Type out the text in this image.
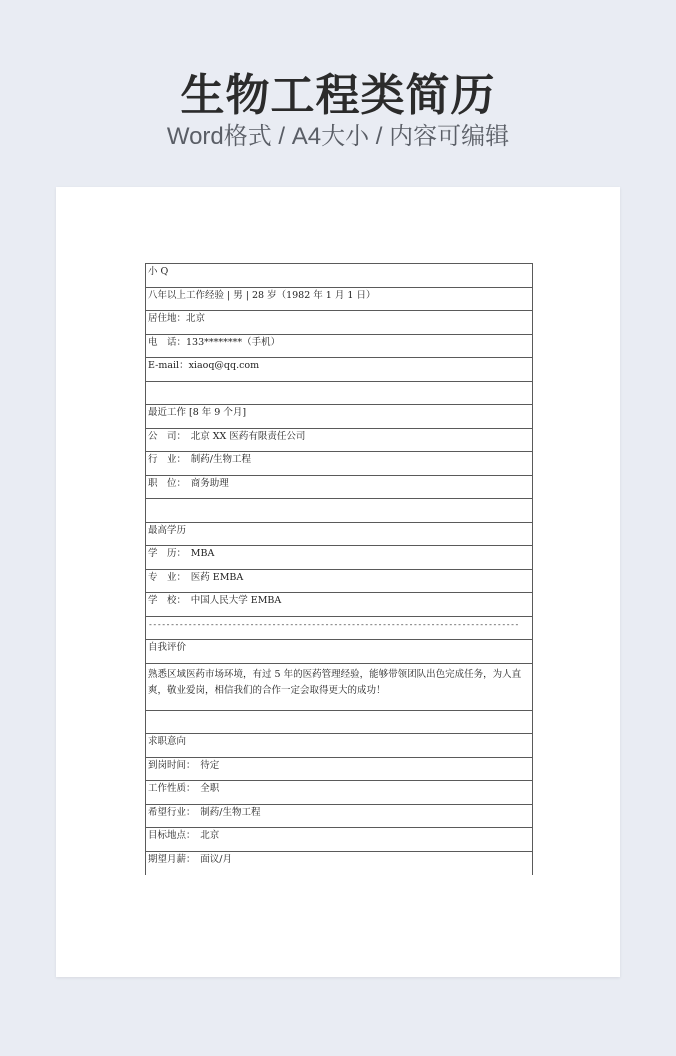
生物工程类简历
Word格式 / A4大小 / 内容可编辑
小 Q
八年以上工作经验 | 男 | 28 岁（1982 年 1 月 1 日）
居住地：北京
电　话：133********（手机）
E-mail：xiaoq@qq.com
最近工作 [8 年 9 个月]
公　司：　北京 XX 医药有限责任公司
行　业：　制药/生物工程
职　位：　商务助理
最高学历
学　历：　MBA
专　业：　医药 EMBA
学　校：　中国人民大学 EMBA
------------------------------------------------------------------------------------
自我评价
熟悉区域医药市场环境，有过 5 年的医药管理经验，能够带领团队出色完成任务，为人直爽，敬业爱岗，相信我们的合作一定会取得更大的成功！
求职意向
到岗时间：　待定
工作性质：　全职
希望行业：　制药/生物工程
目标地点：　北京
期望月薪：　面议/月
